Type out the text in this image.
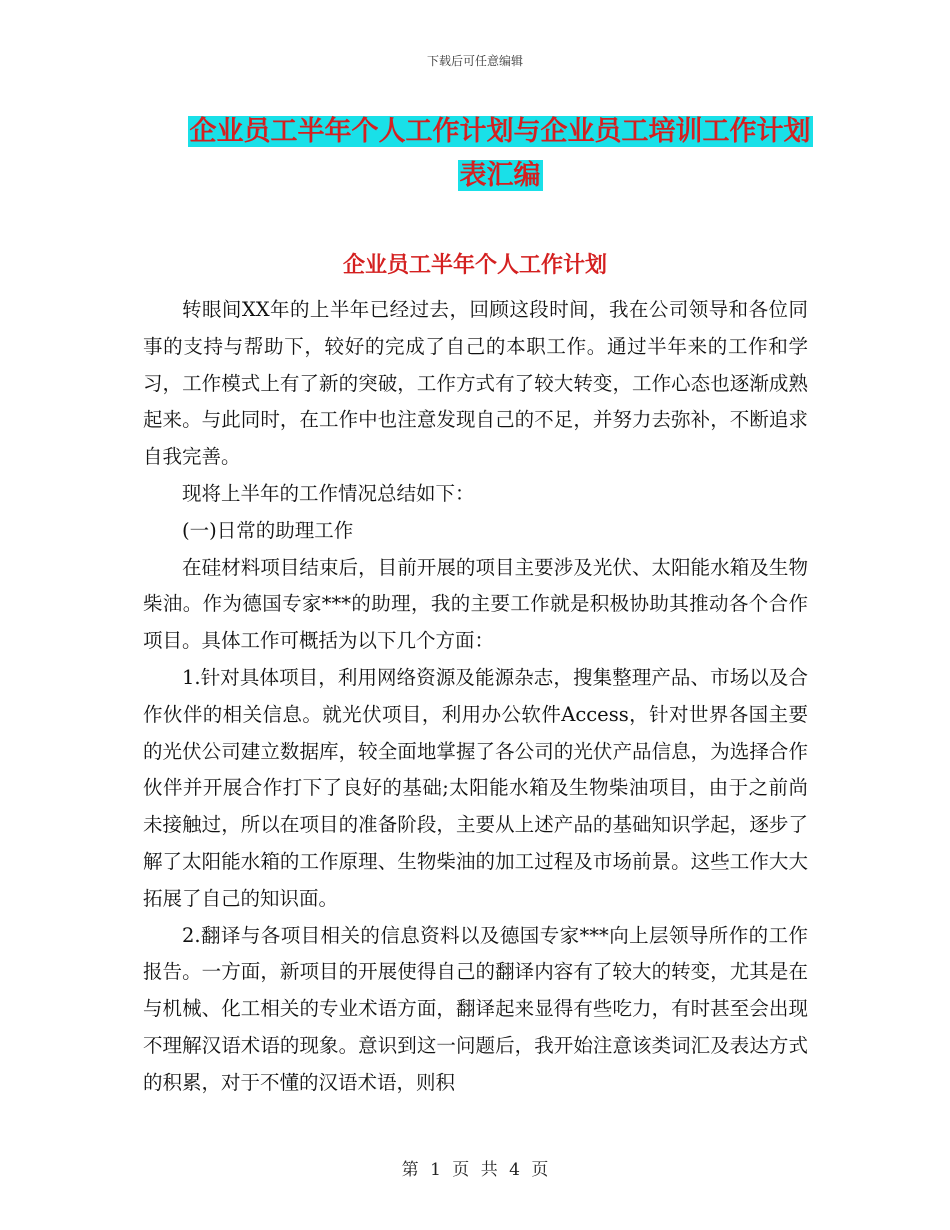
下载后可任意编辑
企业员工半年个人工作计划与企业员工培训工作计划
表汇编
企业员工半年个人工作计划

转眼间XX年的上半年已经过去，回顾这段时间，我在公司领导和各位同事的支持与帮助下，较好的完成了自己的本职工作。通过半年来的工作和学习，工作模式上有了新的突破，工作方式有了较大转变，工作心态也逐渐成熟起来。与此同时，在工作中也注意发现自己的不足，并努力去弥补，不断追求自我完善。

现将上半年的工作情况总结如下：

(一)日常的助理工作

在硅材料项目结束后，目前开展的项目主要涉及光伏、太阳能水箱及生物柴油。作为德国专家***的助理，我的主要工作就是积极协助其推动各个合作项目。具体工作可概括为以下几个方面：

1.针对具体项目，利用网络资源及能源杂志，搜集整理产品、市场以及合作伙伴的相关信息。就光伏项目，利用办公软件Access，针对世界各国主要的光伏公司建立数据库，较全面地掌握了各公司的光伏产品信息，为选择合作伙伴并开展合作打下了良好的基础;太阳能水箱及生物柴油项目，由于之前尚未接触过，所以在项目的准备阶段，主要从上述产品的基础知识学起，逐步了解了太阳能水箱的工作原理、生物柴油的加工过程及市场前景。这些工作大大拓展了自己的知识面。

2.翻译与各项目相关的信息资料以及德国专家***向上层领导所作的工作报告。一方面，新项目的开展使得自己的翻译内容有了较大的转变，尤其是在与机械、化工相关的专业术语方面，翻译起来显得有些吃力，有时甚至会出现不理解汉语术语的现象。意识到这一问题后，我开始注意该类词汇及表达方式的积累，对于不懂的汉语术语，则积

第 1 页 共 4 页
